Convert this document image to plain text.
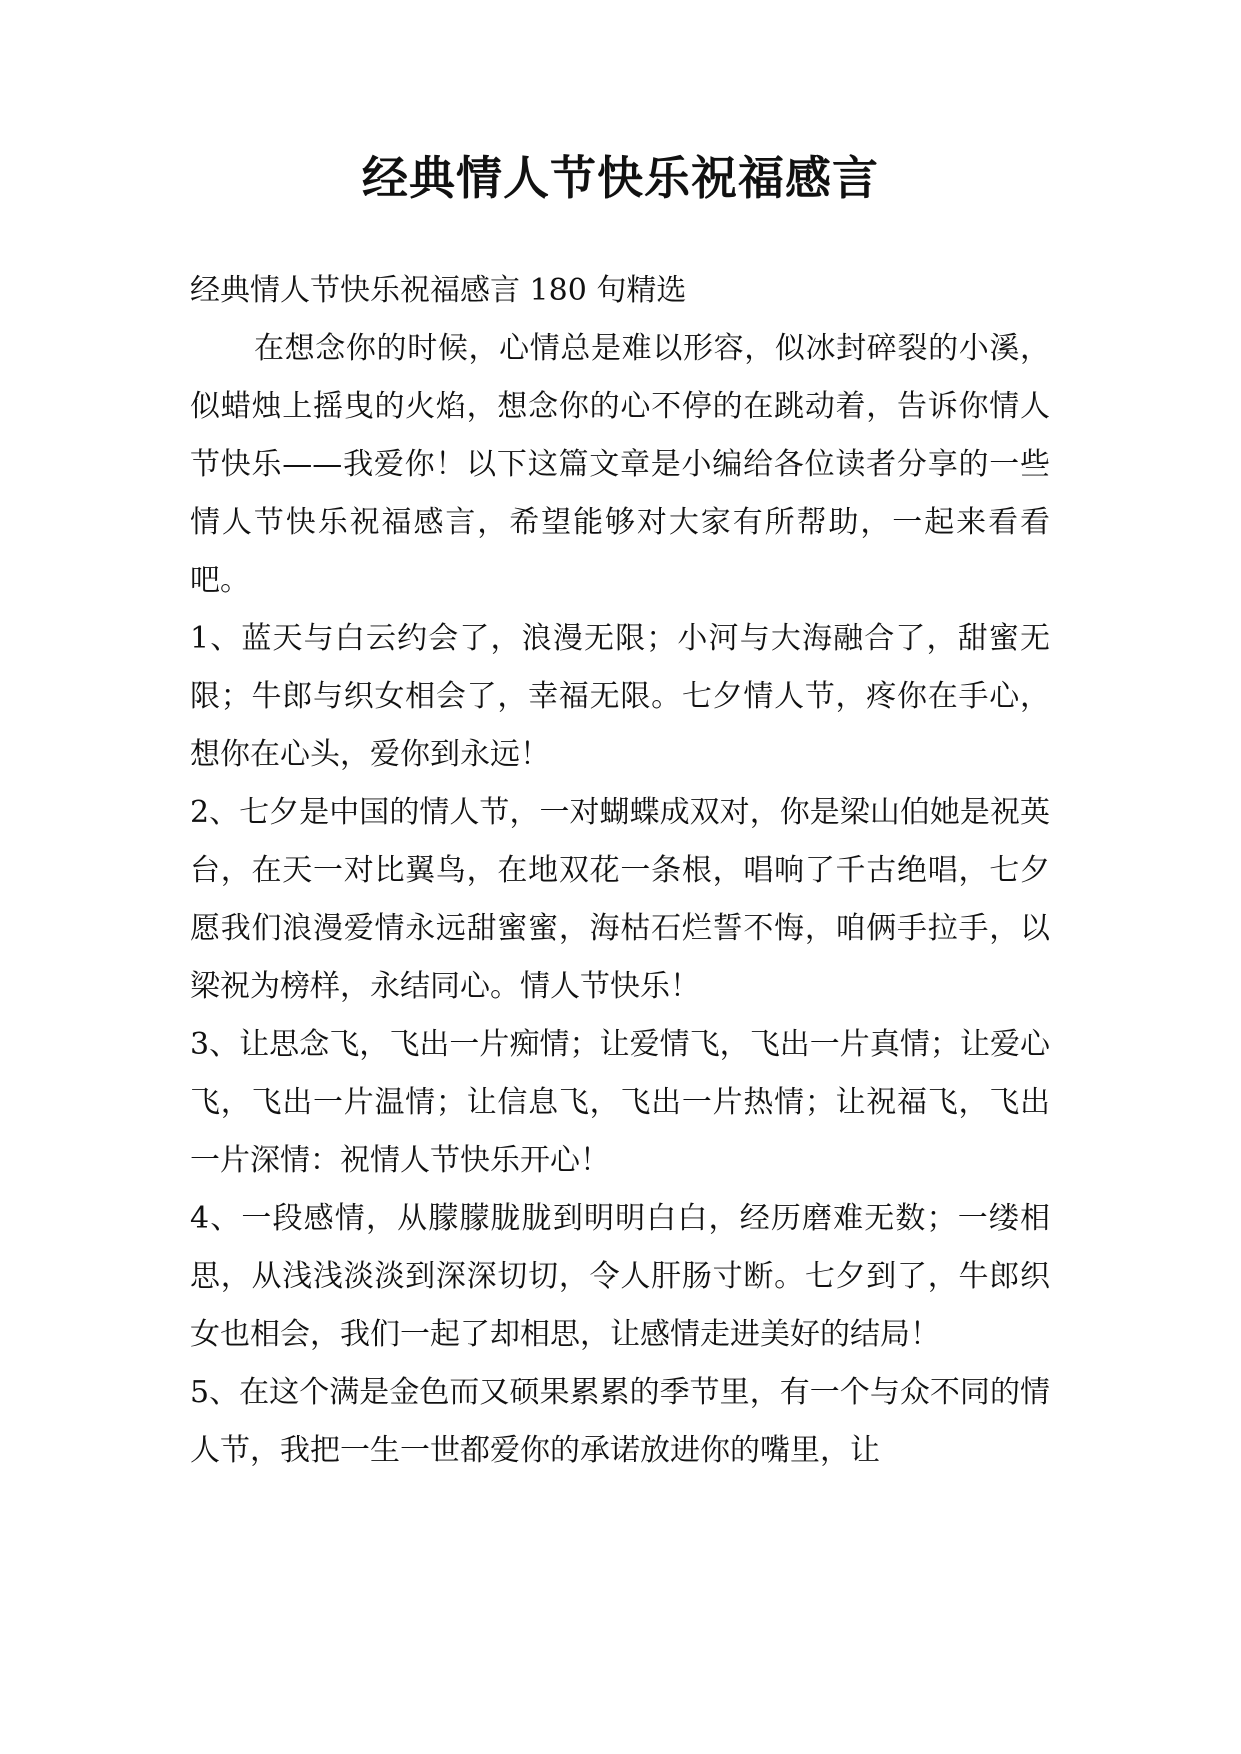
经典情人节快乐祝福感言

经典情人节快乐祝福感言 180 句精选

在想念你的时候，心情总是难以形容，似冰封碎裂的小溪，似蜡烛上摇曳的火焰，想念你的心不停的在跳动着，告诉你情人节快乐——我爱你！以下这篇文章是小编给各位读者分享的一些情人节快乐祝福感言，希望能够对大家有所帮助，一起来看看吧。

1、蓝天与白云约会了，浪漫无限；小河与大海融合了，甜蜜无限；牛郎与织女相会了，幸福无限。七夕情人节，疼你在手心，想你在心头，爱你到永远！

2、七夕是中国的情人节，一对蝴蝶成双对，你是梁山伯她是祝英台，在天一对比翼鸟，在地双花一条根，唱响了千古绝唱，七夕愿我们浪漫爱情永远甜蜜蜜，海枯石烂誓不悔，咱俩手拉手，以梁祝为榜样，永结同心。情人节快乐！

3、让思念飞，飞出一片痴情；让爱情飞，飞出一片真情；让爱心飞，飞出一片温情；让信息飞，飞出一片热情；让祝福飞，飞出一片深情：祝情人节快乐开心！

4、一段感情，从朦朦胧胧到明明白白，经历磨难无数；一缕相思，从浅浅淡淡到深深切切，令人肝肠寸断。七夕到了，牛郎织女也相会，我们一起了却相思，让感情走进美好的结局！

5、在这个满是金色而又硕果累累的季节里，有一个与众不同的情人节，我把一生一世都爱你的承诺放进你的嘴里，让
